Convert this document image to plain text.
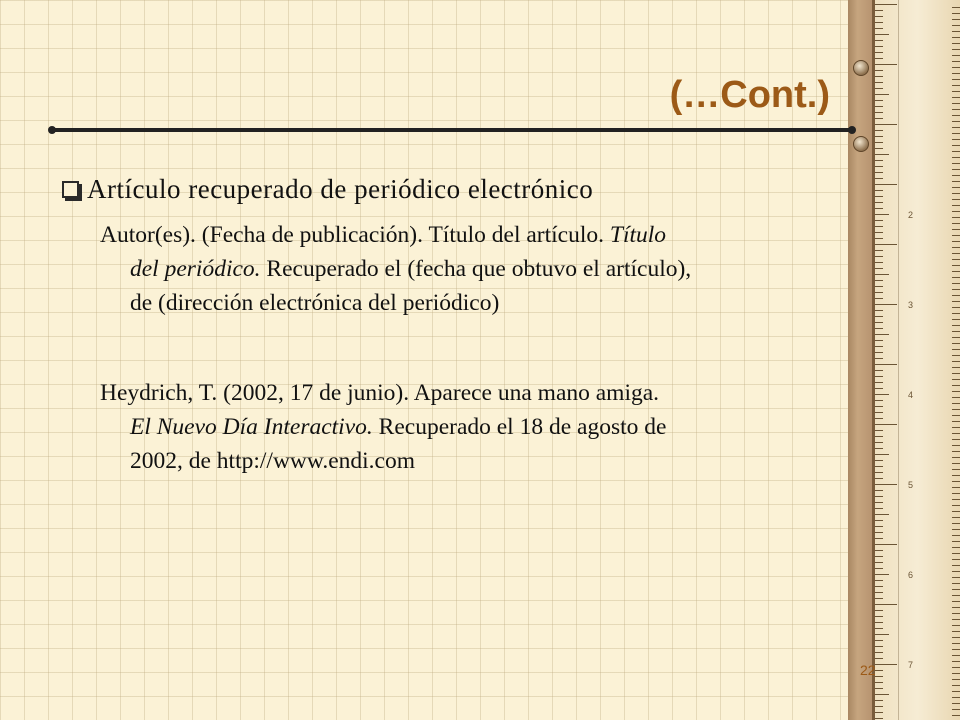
2
3
4
5
6
7
(…Cont.)
Artículo recuperado de periódico electrónico
Autor(es). (Fecha de publicación). Título del artículo. Título
del periódico. Recuperado el (fecha que obtuvo el artículo),
de (dirección electrónica del periódico)
Heydrich, T. (2002, 17 de junio). Aparece una mano amiga.
El Nuevo Día Interactivo. Recuperado el 18 de agosto de
2002, de http://www.endi.com
22
